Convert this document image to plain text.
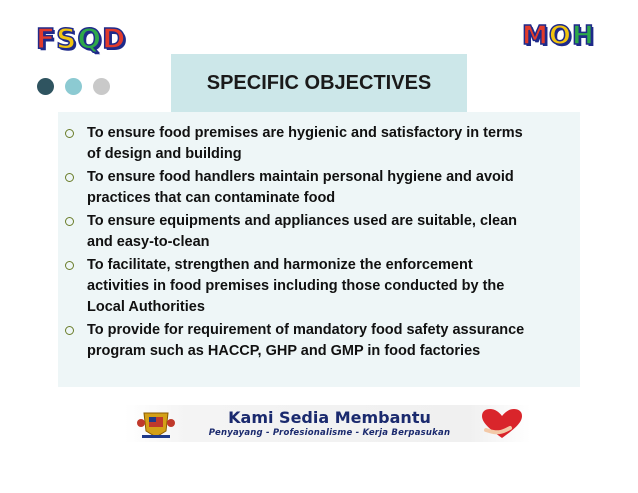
FSQD	MOH
SPECIFIC OBJECTIVES
To ensure food premises are hygienic and satisfactory in terms
of design and building
To ensure food handlers maintain personal hygiene and avoid
practices that can contaminate food
To ensure equipments and appliances used are suitable, clean
and easy-to-clean
To facilitate, strengthen and harmonize the enforcement
activities in food premises including those conducted by the
Local Authorities
To provide for requirement of mandatory food safety assurance
program such as HACCP, GHP and GMP in food factories
Kami Sedia Membantu
Penyayang - Profesionalisme - Kerja Berpasukan
